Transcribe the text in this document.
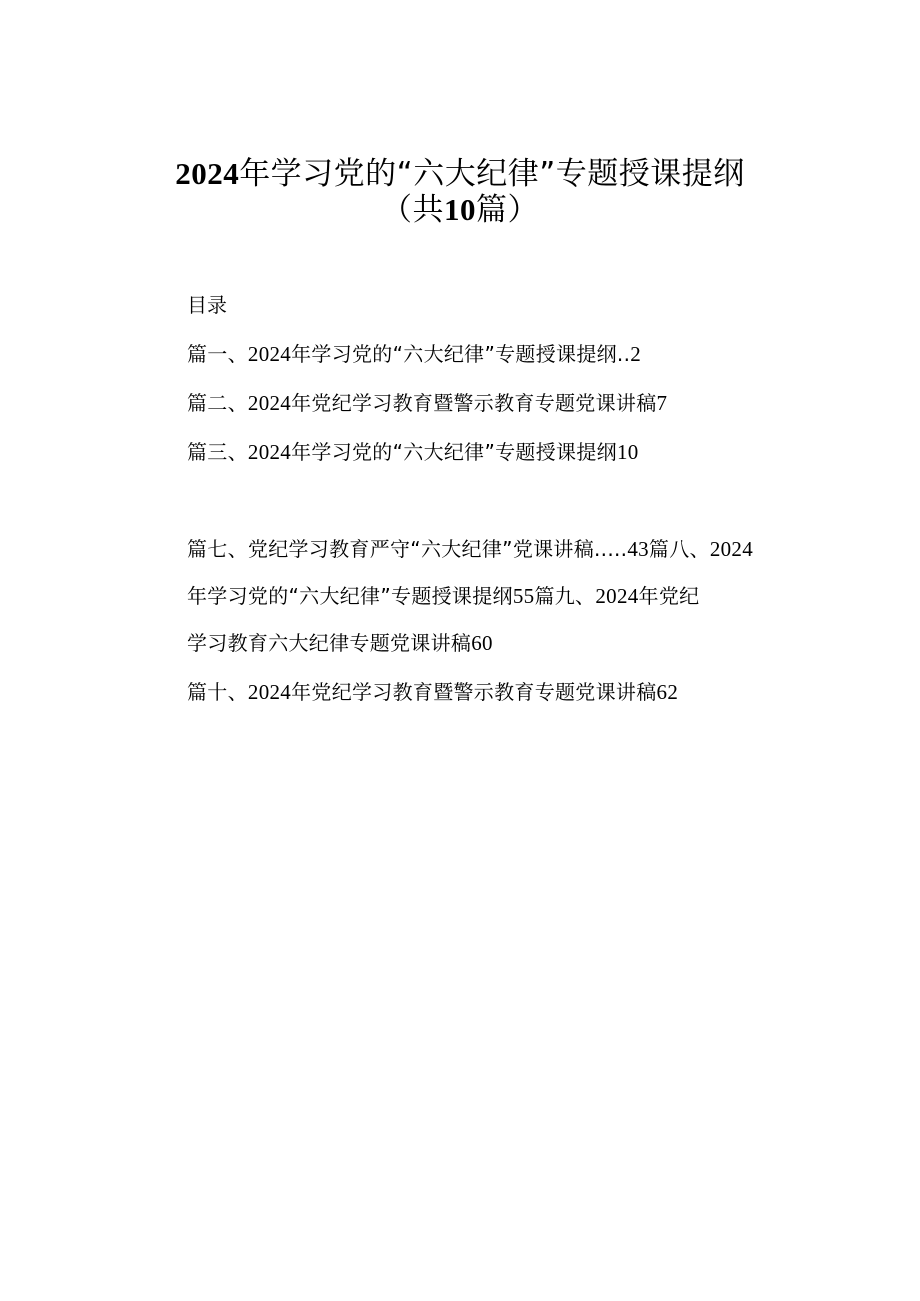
2024年学习党的“六大纪律”专题授课提纲
（共10篇）
目录
篇一、2024年学习党的“六大纪律”专题授课提纲..2
篇二、2024年党纪学习教育暨警示教育专题党课讲稿7
篇三、2024年学习党的“六大纪律”专题授课提纲10
篇七、党纪学习教育严守“六大纪律”党课讲稿.....43篇八、2024
年学习党的“六大纪律”专题授课提纲55篇九、2024年党纪
学习教育六大纪律专题党课讲稿60
篇十、2024年党纪学习教育暨警示教育专题党课讲稿62
